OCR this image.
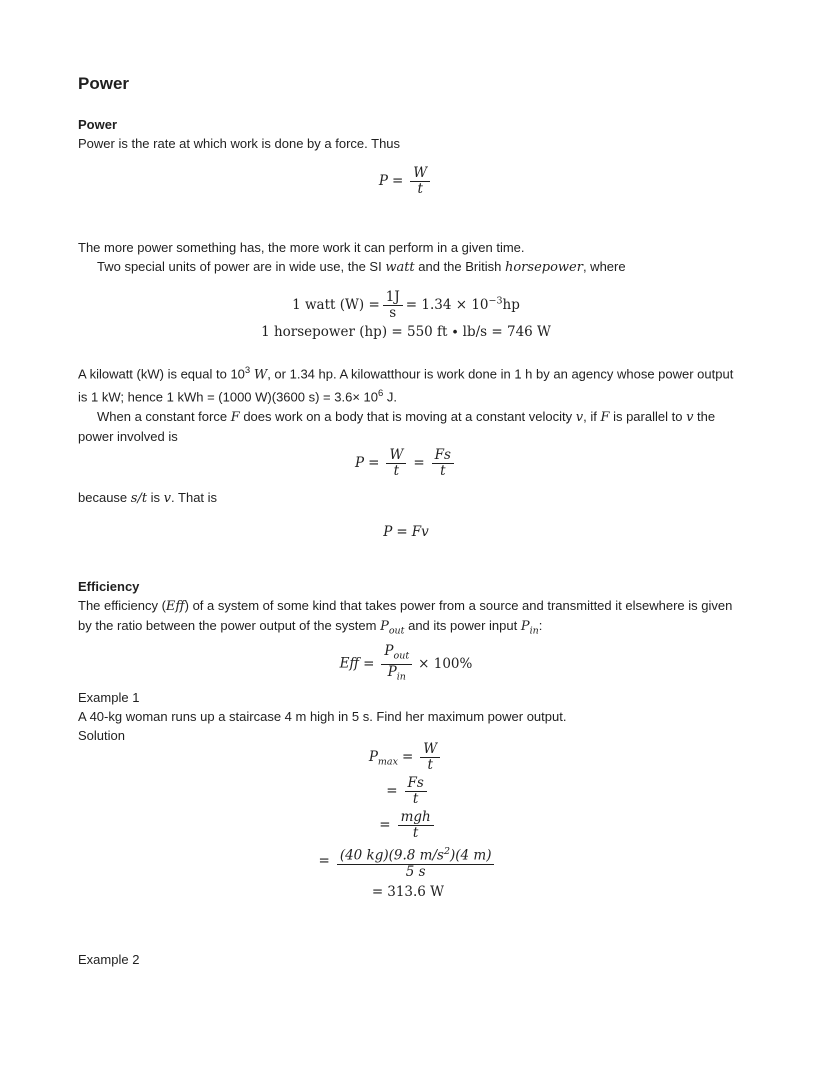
Power
Power
Power is the rate at which work is done by a force. Thus
$P = \frac{W}{t}$
The more power something has, the more work it can perform in a given time.
Two special units of power are in wide use, the SI watt and the British horsepower, where
1 watt $(W) = \frac{1J}{s} = 1.34 \times 10^{-3}hp$
1 horsepower (hp) = 550 ft ∙ lb/s = 746 W
A kilowatt (kW) is equal to $10^3$ W, or 1.34 hp. A kilowatthour is work done in 1 h by an agency whose power output is 1 kW; hence 1 kWh = (1000 W)(3600 $s) = 3.6\times 10^6$ J.
When a constant force F does work on a body that is moving at a constant velocity v, if F is parallel to v the power involved is
$P = \frac{W}{t} = \frac{Fs}{t}$
because s/t is v. That is
P = Fv
Efficiency
The efficiency (Eff) of a system of some kind that takes power from a source and transmitted it elsewhere is given by the ratio between the power output of the system $P_{out}$ and its power input $P_{in}$:
Eff = $\frac{P_{out}}{P_{in}} \times 100\%$
Example 1
A 40-kg woman runs up a staircase 4 m high in 5 s. Find her maximum power output.
Solution
$P_{max} = \frac{W}{t}$
= $\frac{Fs}{t}$
= $\frac{\text{mgh}}{t}$
= $\frac{(40 kg)(9.8 m/s^2)(4 m)}{5 s}$
= 313.6 W
Example 2
